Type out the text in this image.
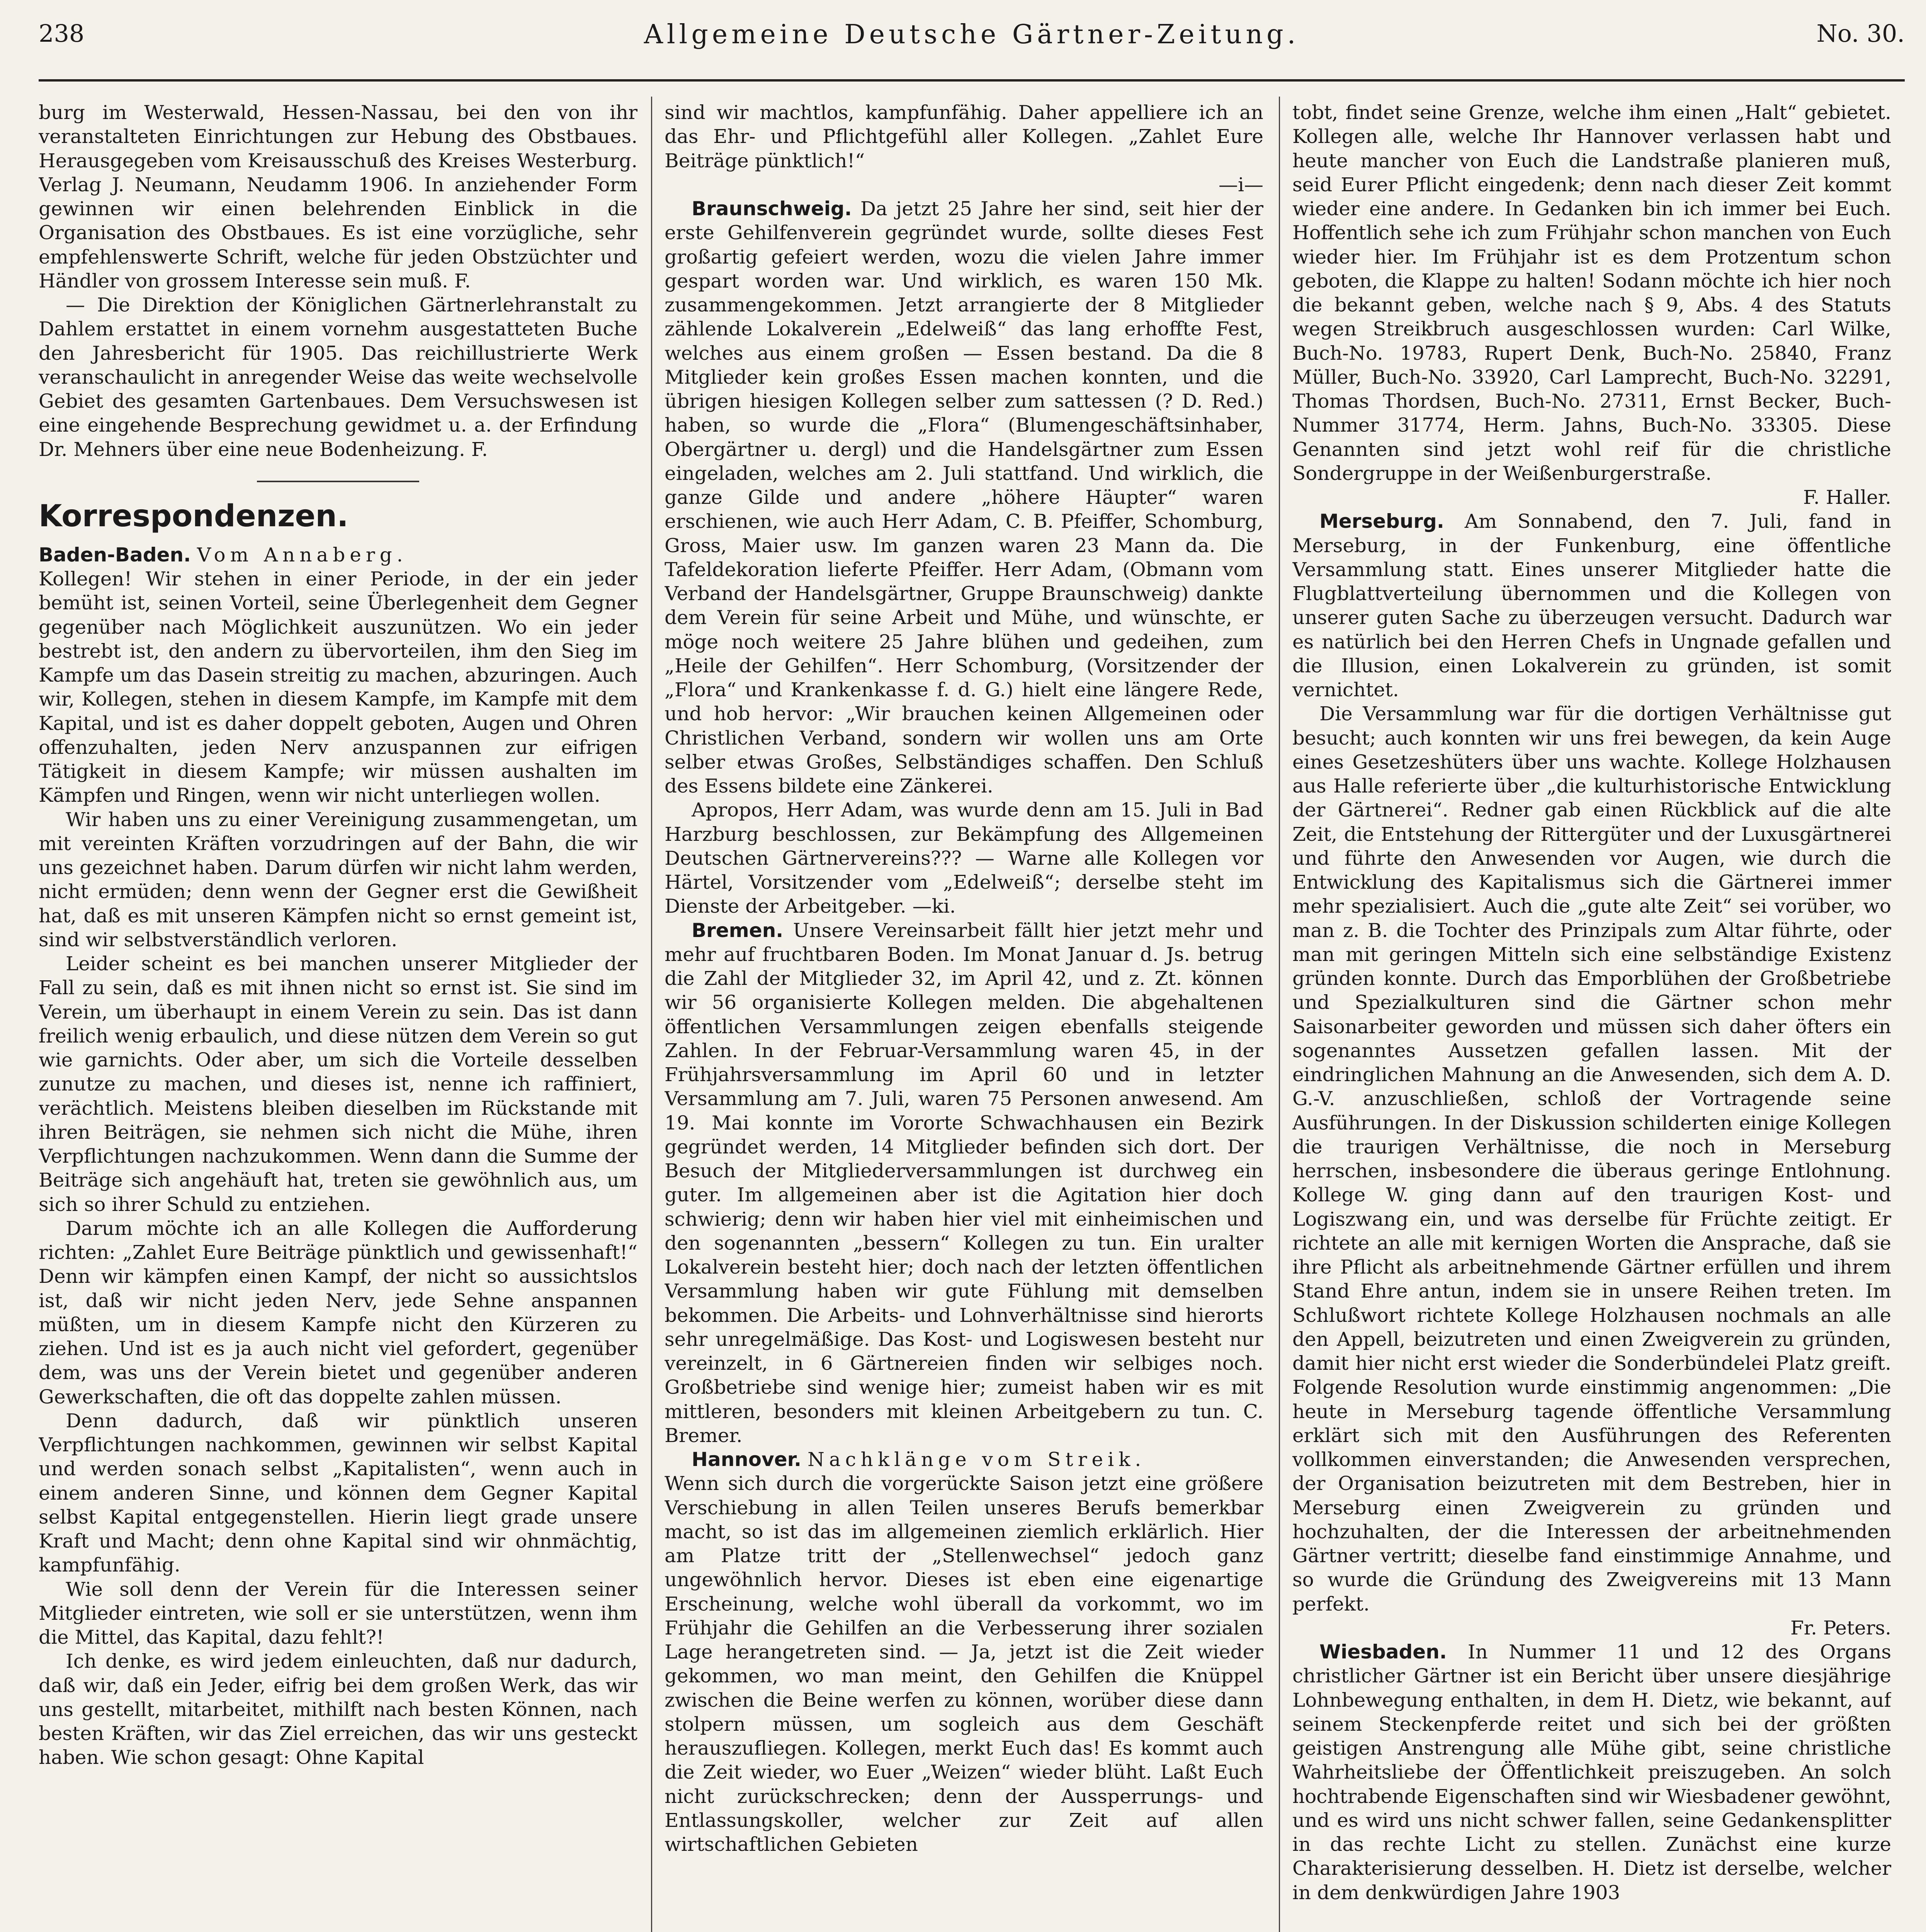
238	Allgemeine Deutsche Gärtner-Zeitung.	No. 30.

burg im Westerwald, Hessen-Nassau, bei den von ihr veranstalteten Einrichtungen zur Hebung des Obstbaues. Herausgegeben vom Kreisausschuß des Kreises Westerburg. Verlag J. Neumann, Neudamm 1906. In anziehender Form gewinnen wir einen belehrenden Einblick in die Organisation des Obstbaues. Es ist eine vorzügliche, sehr empfehlenswerte Schrift, welche für jeden Obstzüchter und Händler von grossem Interesse sein muß. F.

— Die Direktion der Königlichen Gärtnerlehranstalt zu Dahlem erstattet in einem vornehm ausgestatteten Buche den Jahresbericht für 1905. Das reichillustrierte Werk veranschaulicht in anregender Weise das weite wechselvolle Gebiet des gesamten Gartenbaues. Dem Versuchswesen ist eine eingehende Besprechung gewidmet u. a. der Erfindung Dr. Mehners über eine neue Bodenheizung. F.

Korrespondenzen.

Baden-Baden. Vom Annaberg.

Kollegen! Wir stehen in einer Periode, in der ein jeder bemüht ist, seinen Vorteil, seine Überlegenheit dem Gegner gegenüber nach Möglichkeit auszunützen. Wo ein jeder bestrebt ist, den andern zu übervorteilen, ihm den Sieg im Kampfe um das Dasein streitig zu machen, abzuringen. Auch wir, Kollegen, stehen in diesem Kampfe, im Kampfe mit dem Kapital, und ist es daher doppelt geboten, Augen und Ohren offenzuhalten, jeden Nerv anzuspannen zur eifrigen Tätigkeit in diesem Kampfe; wir müssen aushalten im Kämpfen und Ringen, wenn wir nicht unterliegen wollen.

Wir haben uns zu einer Vereinigung zusammengetan, um mit vereinten Kräften vorzudringen auf der Bahn, die wir uns gezeichnet haben. Darum dürfen wir nicht lahm werden, nicht ermüden; denn wenn der Gegner erst die Gewißheit hat, daß es mit unseren Kämpfen nicht so ernst gemeint ist, sind wir selbstverständlich verloren.

Leider scheint es bei manchen unserer Mitglieder der Fall zu sein, daß es mit ihnen nicht so ernst ist. Sie sind im Verein, um überhaupt in einem Verein zu sein. Das ist dann freilich wenig erbaulich, und diese nützen dem Verein so gut wie garnichts. Oder aber, um sich die Vorteile desselben zunutze zu machen, und dieses ist, nenne ich raffiniert, verächtlich. Meistens bleiben dieselben im Rückstande mit ihren Beiträgen, sie nehmen sich nicht die Mühe, ihren Verpflichtungen nachzukommen. Wenn dann die Summe der Beiträge sich angehäuft hat, treten sie gewöhnlich aus, um sich so ihrer Schuld zu entziehen.

Darum möchte ich an alle Kollegen die Aufforderung richten: „Zahlet Eure Beiträge pünktlich und gewissenhaft!“ Denn wir kämpfen einen Kampf, der nicht so aussichtslos ist, daß wir nicht jeden Nerv, jede Sehne anspannen müßten, um in diesem Kampfe nicht den Kürzeren zu ziehen. Und ist es ja auch nicht viel gefordert, gegenüber dem, was uns der Verein bietet und gegenüber anderen Gewerkschaften, die oft das doppelte zahlen müssen.

Denn dadurch, daß wir pünktlich unseren Verpflichtungen nachkommen, gewinnen wir selbst Kapital und werden sonach selbst „Kapitalisten“, wenn auch in einem anderen Sinne, und können dem Gegner Kapital selbst Kapital entgegenstellen. Hierin liegt grade unsere Kraft und Macht; denn ohne Kapital sind wir ohnmächtig, kampfunfähig.

Wie soll denn der Verein für die Interessen seiner Mitglieder eintreten, wie soll er sie unterstützen, wenn ihm die Mittel, das Kapital, dazu fehlt?!

Ich denke, es wird jedem einleuchten, daß nur dadurch, daß wir, daß ein Jeder, eifrig bei dem großen Werk, das wir uns gestellt, mitarbeitet, mithilft nach besten Können, nach besten Kräften, wir das Ziel erreichen, das wir uns gesteckt haben. Wie schon gesagt: Ohne Kapital

sind wir machtlos, kampfunfähig. Daher appelliere ich an das Ehr- und Pflichtgefühl aller Kollegen. „Zahlet Eure Beiträge pünktlich!“

—i—

Braunschweig. Da jetzt 25 Jahre her sind, seit hier der erste Gehilfenverein gegründet wurde, sollte dieses Fest großartig gefeiert werden, wozu die vielen Jahre immer gespart worden war. Und wirklich, es waren 150 Mk. zusammengekommen. Jetzt arrangierte der 8 Mitglieder zählende Lokalverein „Edelweiß“ das lang erhoffte Fest, welches aus einem großen — Essen bestand. Da die 8 Mitglieder kein großes Essen machen konnten, und die übrigen hiesigen Kollegen selber zum sattessen (? D. Red.) haben, so wurde die „Flora“ (Blumengeschäftsinhaber, Obergärtner u. dergl) und die Handelsgärtner zum Essen eingeladen, welches am 2. Juli stattfand. Und wirklich, die ganze Gilde und andere „höhere Häupter“ waren erschienen, wie auch Herr Adam, C. B. Pfeiffer, Schomburg, Gross, Maier usw. Im ganzen waren 23 Mann da. Die Tafeldekoration lieferte Pfeiffer. Herr Adam, (Obmann vom Verband der Handelsgärtner, Gruppe Braunschweig) dankte dem Verein für seine Arbeit und Mühe, und wünschte, er möge noch weitere 25 Jahre blühen und gedeihen, zum „Heile der Gehilfen“. Herr Schomburg, (Vorsitzender der „Flora“ und Krankenkasse f. d. G.) hielt eine längere Rede, und hob hervor: „Wir brauchen keinen Allgemeinen oder Christlichen Verband, sondern wir wollen uns am Orte selber etwas Großes, Selbständiges schaffen. Den Schluß des Essens bildete eine Zänkerei.

Apropos, Herr Adam, was wurde denn am 15. Juli in Bad Harzburg beschlossen, zur Bekämpfung des Allgemeinen Deutschen Gärtnervereins??? — Warne alle Kollegen vor Härtel, Vorsitzender vom „Edelweiß“; derselbe steht im Dienste der Arbeitgeber. —ki.

Bremen. Unsere Vereinsarbeit fällt hier jetzt mehr und mehr auf fruchtbaren Boden. Im Monat Januar d. Js. betrug die Zahl der Mitglieder 32, im April 42, und z. Zt. können wir 56 organisierte Kollegen melden. Die abgehaltenen öffentlichen Versammlungen zeigen ebenfalls steigende Zahlen. In der Februar-Versammlung waren 45, in der Frühjahrsversammlung im April 60 und in letzter Versammlung am 7. Juli, waren 75 Personen anwesend. Am 19. Mai konnte im Vororte Schwachhausen ein Bezirk gegründet werden, 14 Mitglieder befinden sich dort. Der Besuch der Mitgliederversammlungen ist durchweg ein guter. Im allgemeinen aber ist die Agitation hier doch schwierig; denn wir haben hier viel mit einheimischen und den sogenannten „bessern“ Kollegen zu tun. Ein uralter Lokalverein besteht hier; doch nach der letzten öffentlichen Versammlung haben wir gute Fühlung mit demselben bekommen. Die Arbeits- und Lohnverhältnisse sind hierorts sehr unregelmäßige. Das Kost- und Logiswesen besteht nur vereinzelt, in 6 Gärtnereien finden wir selbiges noch. Großbetriebe sind wenige hier; zumeist haben wir es mit mittleren, besonders mit kleinen Arbeitgebern zu tun. C. Bremer.

Hannover. Nachklänge vom Streik.

Wenn sich durch die vorgerückte Saison jetzt eine größere Verschiebung in allen Teilen unseres Berufs bemerkbar macht, so ist das im allgemeinen ziemlich erklärlich. Hier am Platze tritt der „Stellenwechsel“ jedoch ganz ungewöhnlich hervor. Dieses ist eben eine eigenartige Erscheinung, welche wohl überall da vorkommt, wo im Frühjahr die Gehilfen an die Verbesserung ihrer sozialen Lage herangetreten sind. — Ja, jetzt ist die Zeit wieder gekommen, wo man meint, den Gehilfen die Knüppel zwischen die Beine werfen zu können, worüber diese dann stolpern müssen, um sogleich aus dem Geschäft herauszufliegen. Kollegen, merkt Euch das! Es kommt auch die Zeit wieder, wo Euer „Weizen“ wieder blüht. Laßt Euch nicht zurückschrecken; denn der Aussperrungs- und Entlassungskoller, welcher zur Zeit auf allen wirtschaftlichen Gebieten

tobt, findet seine Grenze, welche ihm einen „Halt“ gebietet. Kollegen alle, welche Ihr Hannover verlassen habt und heute mancher von Euch die Landstraße planieren muß, seid Eurer Pflicht eingedenk; denn nach dieser Zeit kommt wieder eine andere. In Gedanken bin ich immer bei Euch. Hoffentlich sehe ich zum Frühjahr schon manchen von Euch wieder hier. Im Frühjahr ist es dem Protzentum schon geboten, die Klappe zu halten! Sodann möchte ich hier noch die bekannt geben, welche nach § 9, Abs. 4 des Statuts wegen Streikbruch ausgeschlossen wurden: Carl Wilke, Buch-No. 19783, Rupert Denk, Buch-No. 25840, Franz Müller, Buch-No. 33920, Carl Lamprecht, Buch-No. 32291, Thomas Thordsen, Buch-No. 27311, Ernst Becker, Buch-Nummer 31774, Herm. Jahns, Buch-No. 33305. Diese Genannten sind jetzt wohl reif für die christliche Sondergruppe in der Weißenburgerstraße.

F. Haller.

Merseburg. Am Sonnabend, den 7. Juli, fand in Merseburg, in der Funkenburg, eine öffentliche Versammlung statt. Eines unserer Mitglieder hatte die Flugblattverteilung übernommen und die Kollegen von unserer guten Sache zu überzeugen versucht. Dadurch war es natürlich bei den Herren Chefs in Ungnade gefallen und die Illusion, einen Lokalverein zu gründen, ist somit vernichtet.

Die Versammlung war für die dortigen Verhältnisse gut besucht; auch konnten wir uns frei bewegen, da kein Auge eines Gesetzeshüters über uns wachte. Kollege Holzhausen aus Halle referierte über „die kulturhistorische Entwicklung der Gärtnerei“. Redner gab einen Rückblick auf die alte Zeit, die Entstehung der Rittergüter und der Luxusgärtnerei und führte den Anwesenden vor Augen, wie durch die Entwicklung des Kapitalismus sich die Gärtnerei immer mehr spezialisiert. Auch die „gute alte Zeit“ sei vorüber, wo man z. B. die Tochter des Prinzipals zum Altar führte, oder man mit geringen Mitteln sich eine selbständige Existenz gründen konnte. Durch das Emporblühen der Großbetriebe und Spezialkulturen sind die Gärtner schon mehr Saisonarbeiter geworden und müssen sich daher öfters ein sogenanntes Aussetzen gefallen lassen. Mit der eindringlichen Mahnung an die Anwesenden, sich dem A. D. G.-V. anzuschließen, schloß der Vortragende seine Ausführungen. In der Diskussion schilderten einige Kollegen die traurigen Verhältnisse, die noch in Merseburg herrschen, insbesondere die überaus geringe Entlohnung. Kollege W. ging dann auf den traurigen Kost- und Logiszwang ein, und was derselbe für Früchte zeitigt. Er richtete an alle mit kernigen Worten die Ansprache, daß sie ihre Pflicht als arbeitnehmende Gärtner erfüllen und ihrem Stand Ehre antun, indem sie in unsere Reihen treten. Im Schlußwort richtete Kollege Holzhausen nochmals an alle den Appell, beizutreten und einen Zweigverein zu gründen, damit hier nicht erst wieder die Sonderbündelei Platz greift. Folgende Resolution wurde einstimmig angenommen: „Die heute in Merseburg tagende öffentliche Versammlung erklärt sich mit den Ausführungen des Referenten vollkommen einverstanden; die Anwesenden versprechen, der Organisation beizutreten mit dem Bestreben, hier in Merseburg einen Zweigverein zu gründen und hochzuhalten, der die Interessen der arbeitnehmenden Gärtner vertritt; dieselbe fand einstimmige Annahme, und so wurde die Gründung des Zweigvereins mit 13 Mann perfekt.

Fr. Peters.

Wiesbaden. In Nummer 11 und 12 des Organs christlicher Gärtner ist ein Bericht über unsere diesjährige Lohnbewegung enthalten, in dem H. Dietz, wie bekannt, auf seinem Steckenpferde reitet und sich bei der größten geistigen Anstrengung alle Mühe gibt, seine christliche Wahrheitsliebe der Öffentlichkeit preiszugeben. An solch hochtrabende Eigenschaften sind wir Wiesbadener gewöhnt, und es wird uns nicht schwer fallen, seine Gedankensplitter in das rechte Licht zu stellen. Zunächst eine kurze Charakterisierung desselben. H. Dietz ist derselbe, welcher in dem denkwürdigen Jahre 1903
